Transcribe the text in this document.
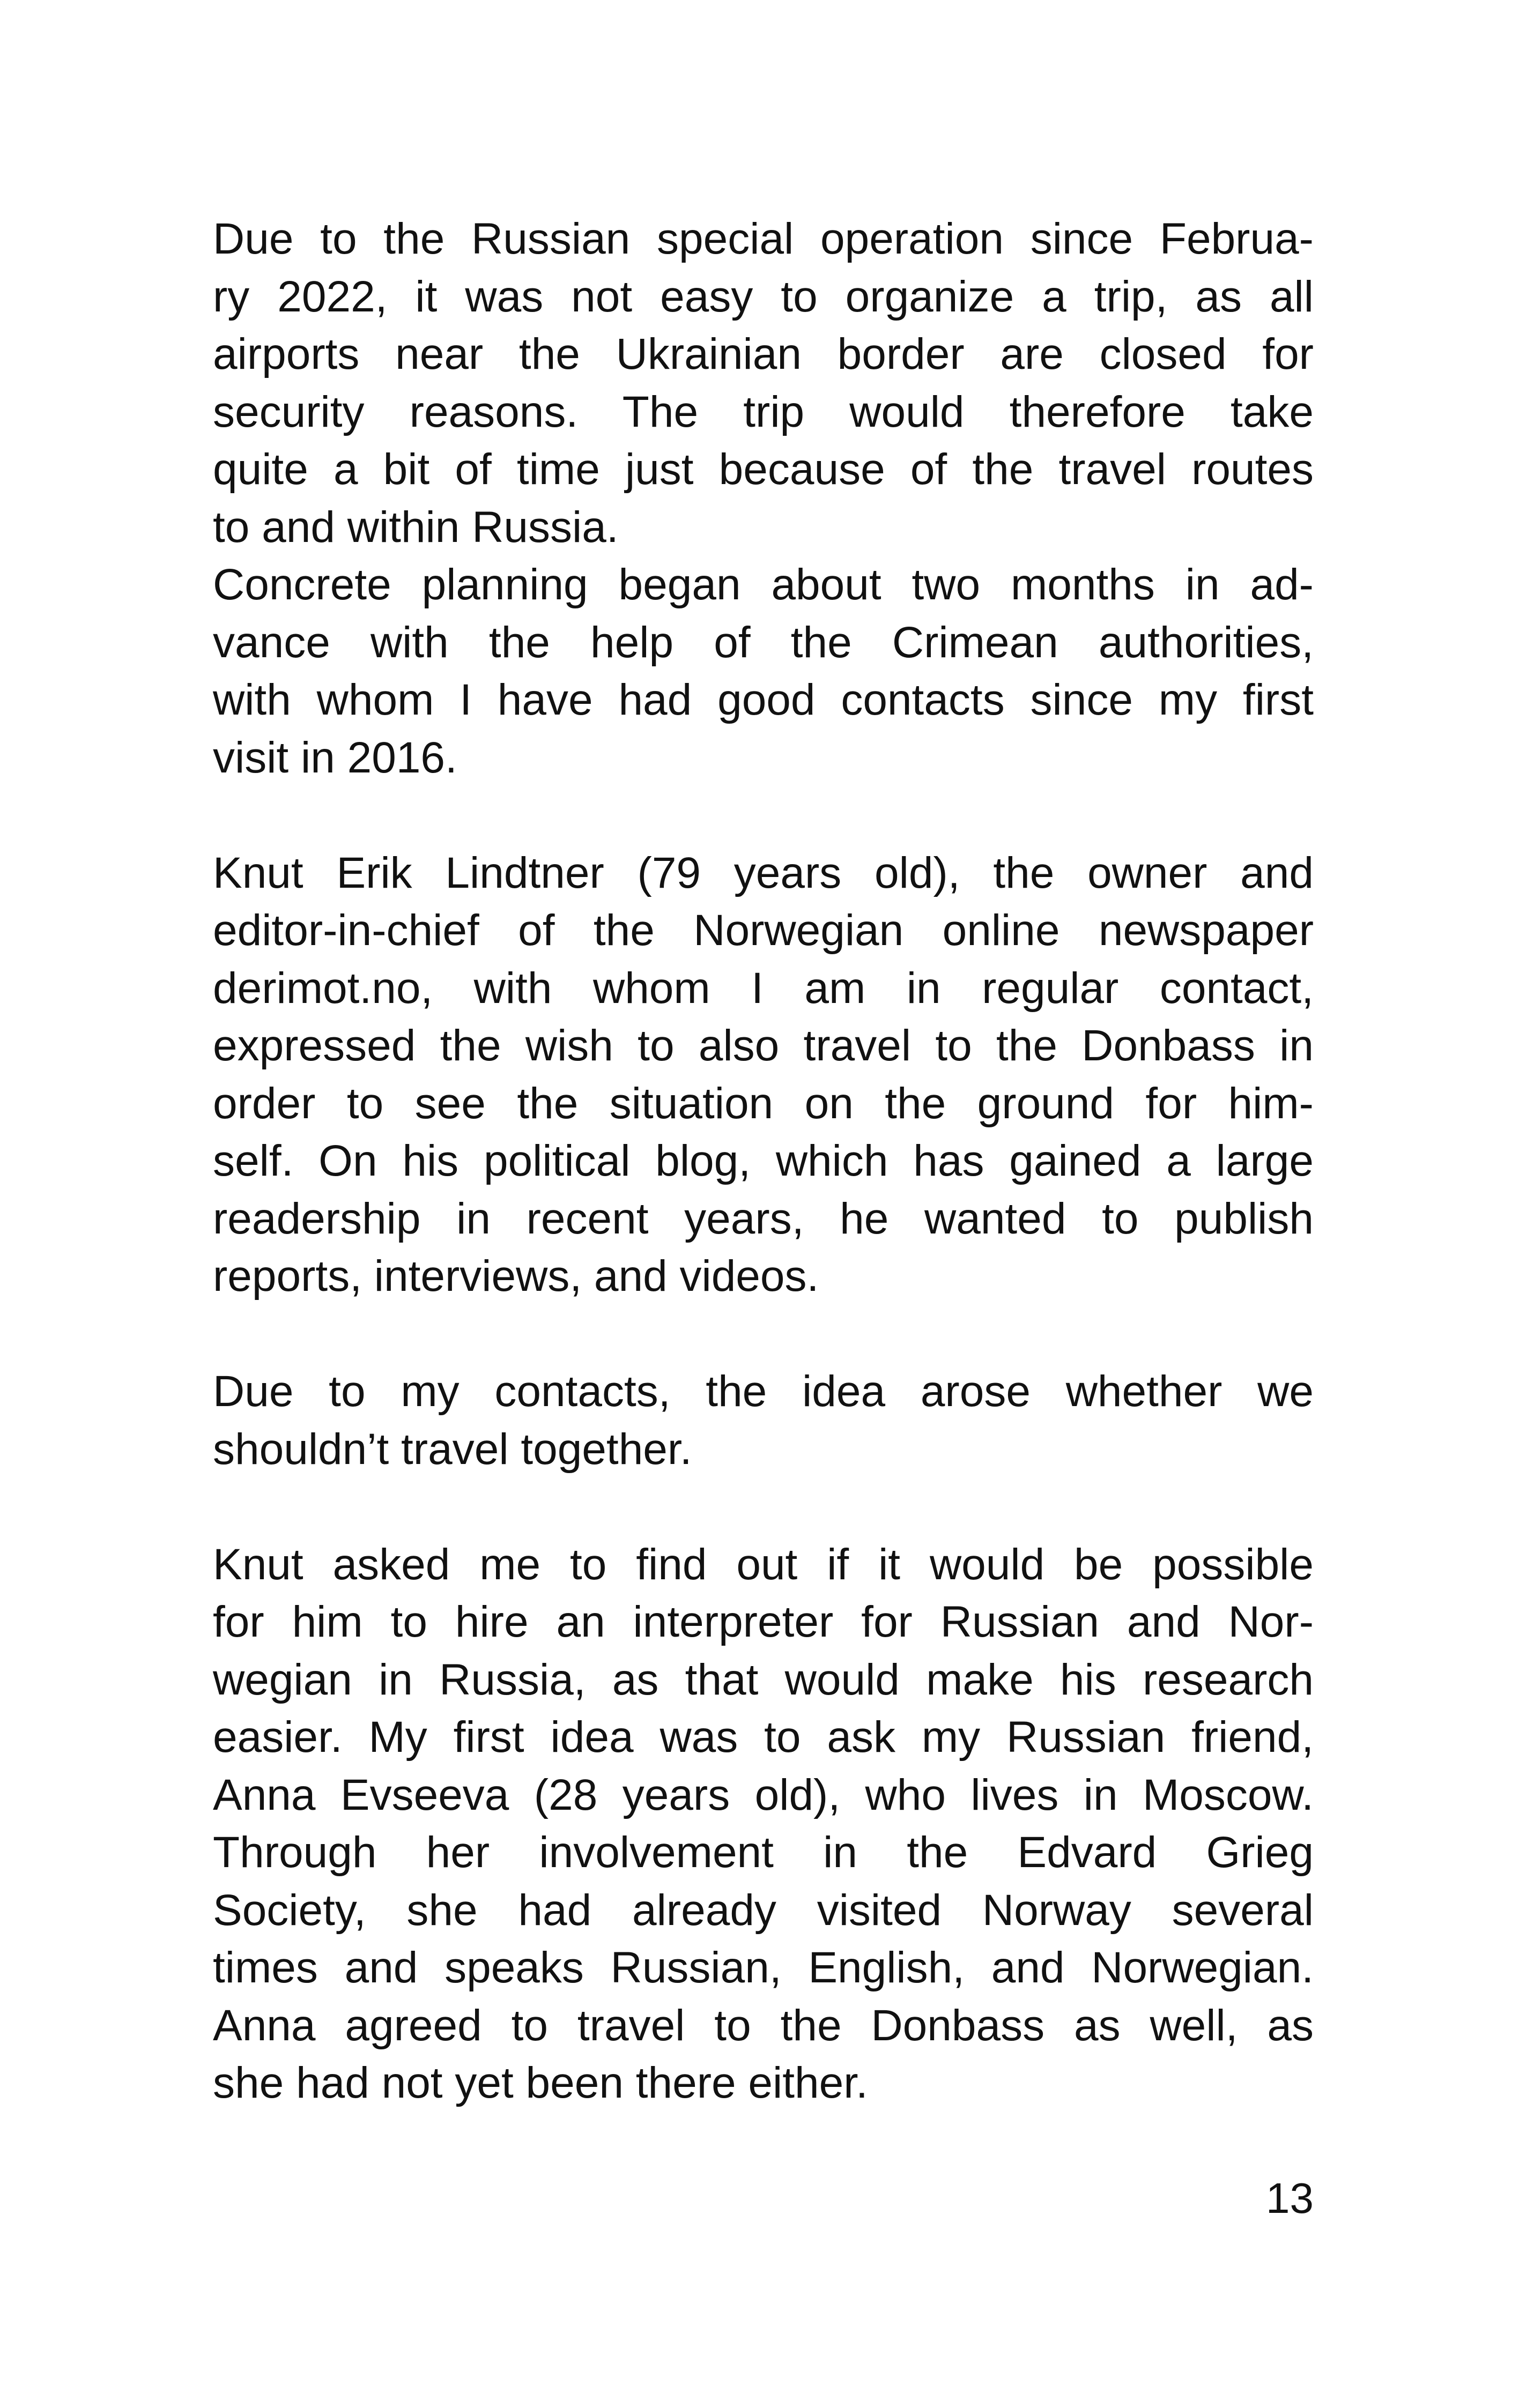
Due to the Russian special operation since Februa-
ry 2022, it was not easy to organize a trip, as all
airports near the Ukrainian border are closed for
security reasons. The trip would therefore take
quite a bit of time just because of the travel routes
to and within Russia.
Concrete planning began about two months in ad-
vance with the help of the Crimean authorities,
with whom I have had good contacts since my first
visit in 2016.
Knut Erik Lindtner (79 years old), the owner and
editor-in-chief of the Norwegian online newspaper
derimot.no, with whom I am in regular contact,
expressed the wish to also travel to the Donbass in
order to see the situation on the ground for him-
self. On his political blog, which has gained a large
readership in recent years, he wanted to publish
reports, interviews, and videos.
Due to my contacts, the idea arose whether we
shouldn’t travel together.
Knut asked me to find out if it would be possible
for him to hire an interpreter for Russian and Nor-
wegian in Russia, as that would make his research
easier. My first idea was to ask my Russian friend,
Anna Evseeva (28 years old), who lives in Moscow.
Through her involvement in the Edvard Grieg
Society, she had already visited Norway several
times and speaks Russian, English, and Norwegian.
Anna agreed to travel to the Donbass as well, as
she had not yet been there either.
13
